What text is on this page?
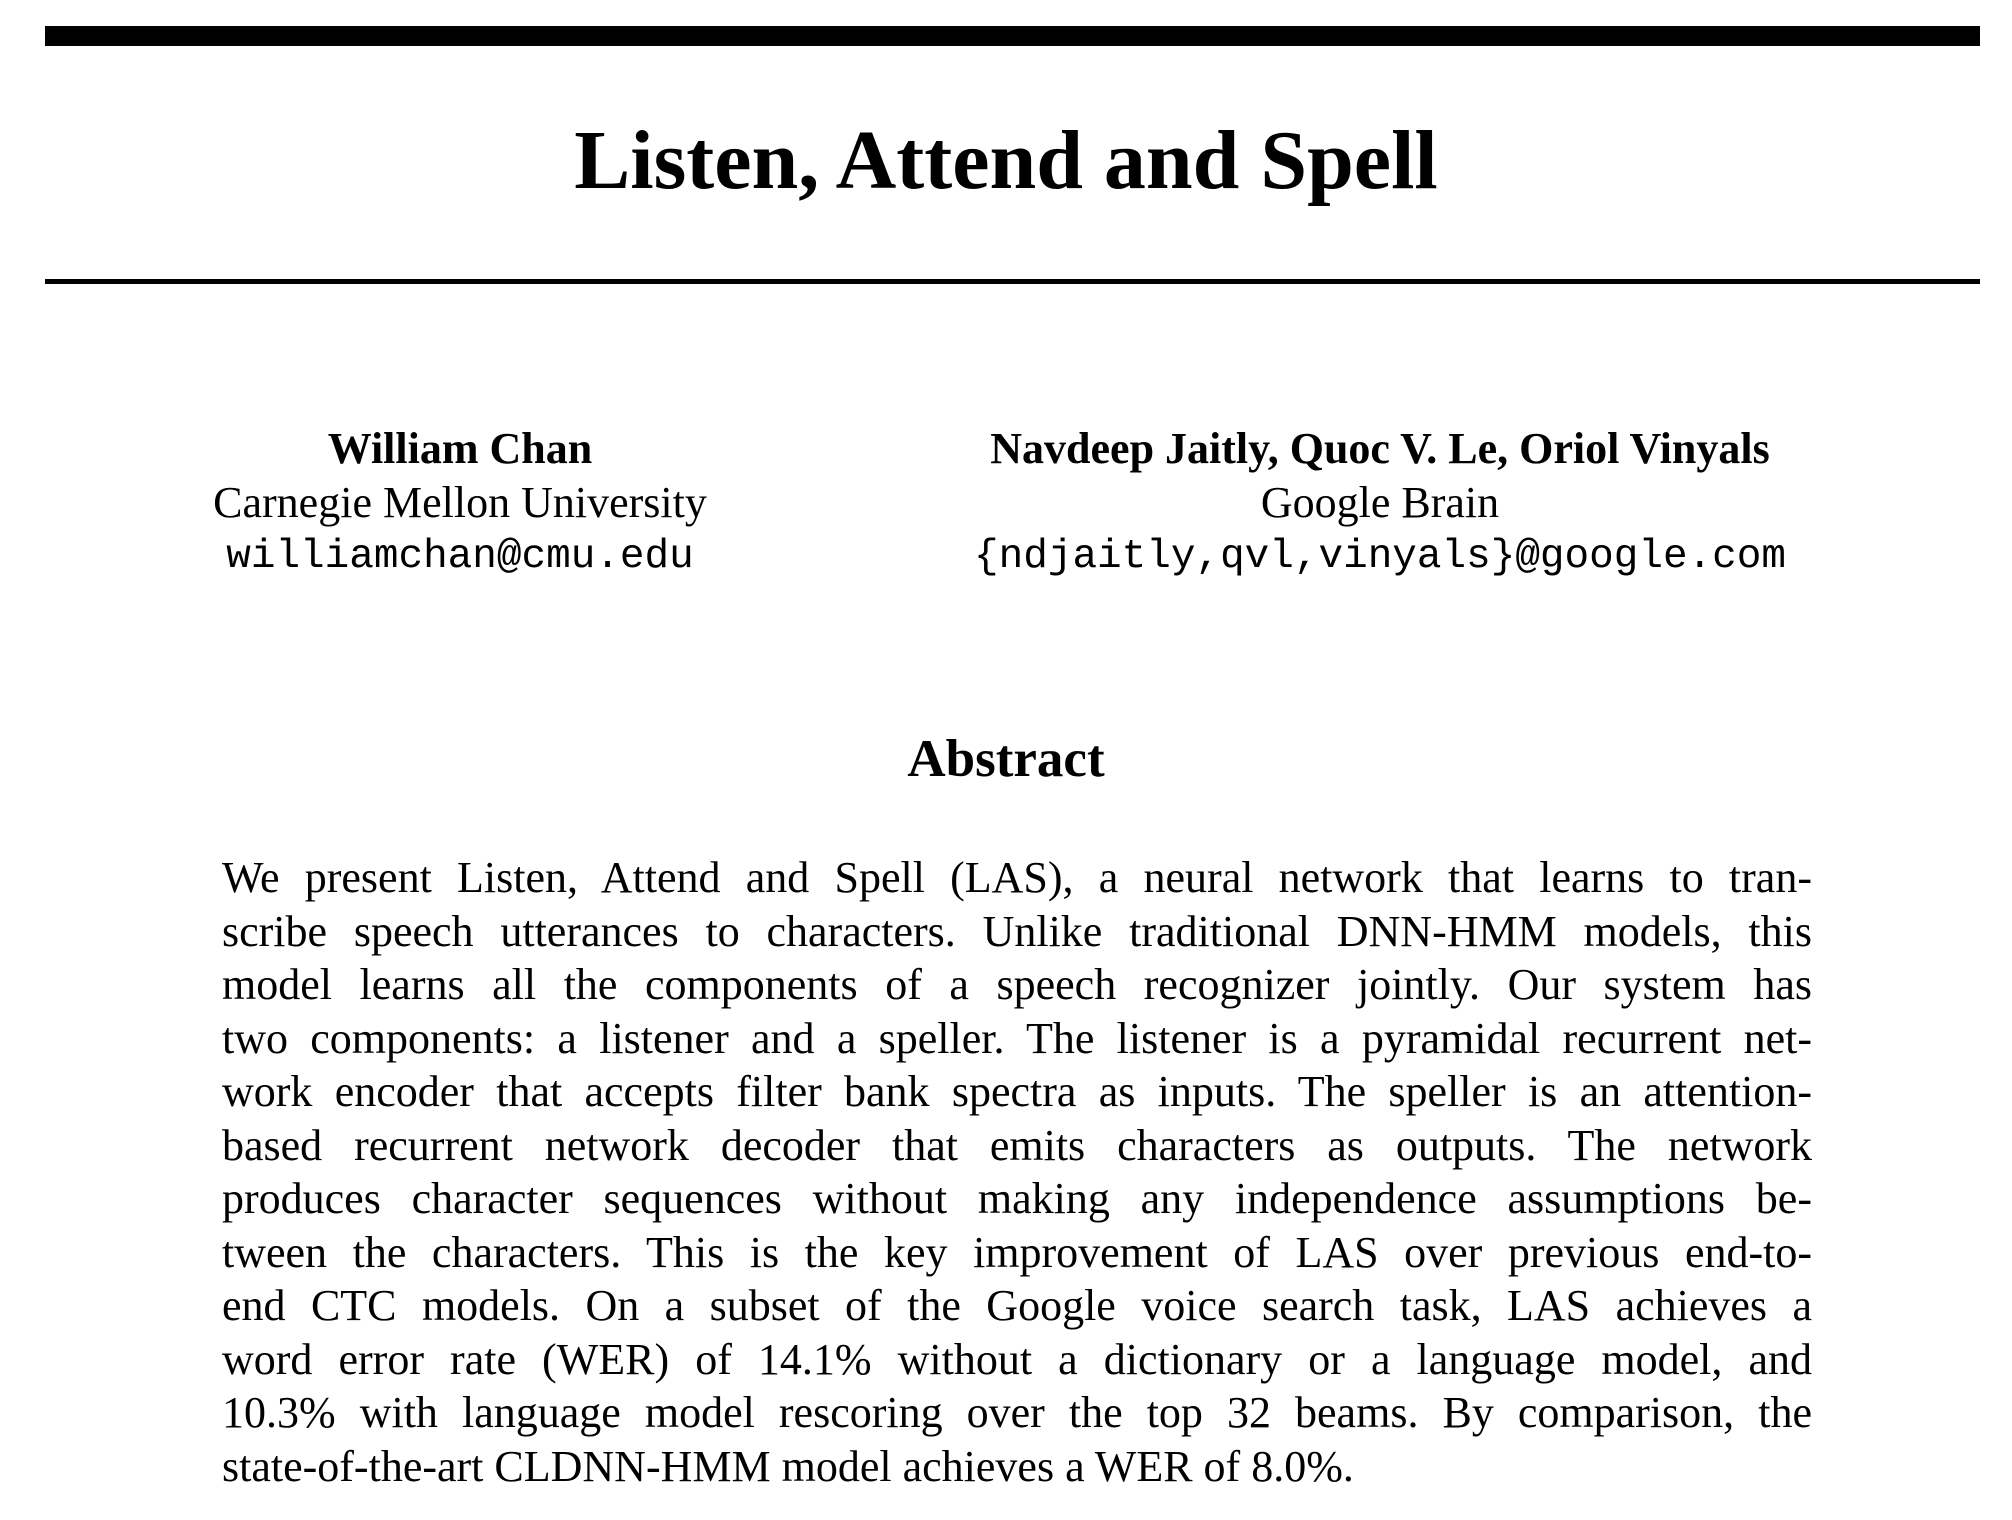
Listen, Attend and Spell
William Chan
Carnegie Mellon University
williamchan@cmu.edu
Navdeep Jaitly, Quoc V. Le, Oriol Vinyals
Google Brain
{ndjaitly,qvl,vinyals}@google.com
Abstract
We present Listen, Attend and Spell (LAS), a neural network that learns to tran-
scribe speech utterances to characters. Unlike traditional DNN-HMM models, this
model learns all the components of a speech recognizer jointly. Our system has
two components: a listener and a speller. The listener is a pyramidal recurrent net-
work encoder that accepts filter bank spectra as inputs. The speller is an attention-
based recurrent network decoder that emits characters as outputs. The network
produces character sequences without making any independence assumptions be-
tween the characters. This is the key improvement of LAS over previous end-to-
end CTC models. On a subset of the Google voice search task, LAS achieves a
word error rate (WER) of 14.1% without a dictionary or a language model, and
10.3% with language model rescoring over the top 32 beams. By comparison, the
state-of-the-art CLDNN-HMM model achieves a WER of 8.0%.
